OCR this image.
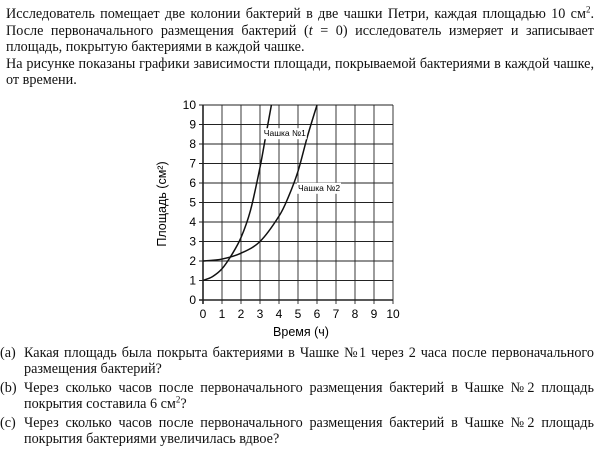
Исследователь помещает две колонии бактерий в две чашки Петри, каждая площадью 10 $см^2$. После первоначального размещения бактерий (t = 0) исследователь измеряет и записывает площадь, покрытую бактериями в каждой чашке.

На рисунке показаны графики зависимости площади, покрываемой бактериями в каждой чашке, от времени.

0 1 2 3 4 5 6 7 8 9 10
0
1
2
3
4
5
6
7
8
9
10
Чашка №1
Чашка №2
Площадь (см²)
Время (ч)
(a) Какая площадь была покрыта бактериями в Чашке №1 через 2 часа после первоначального размещения бактерий?
(b) Через сколько часов после первоначального размещения бактерий в Чашке №2 площадь покрытия составила 6 $см^2$?
(c) Через сколько часов после первоначального размещения бактерий в Чашке №2 площадь покрытия бактериями увеличилась вдвое?
